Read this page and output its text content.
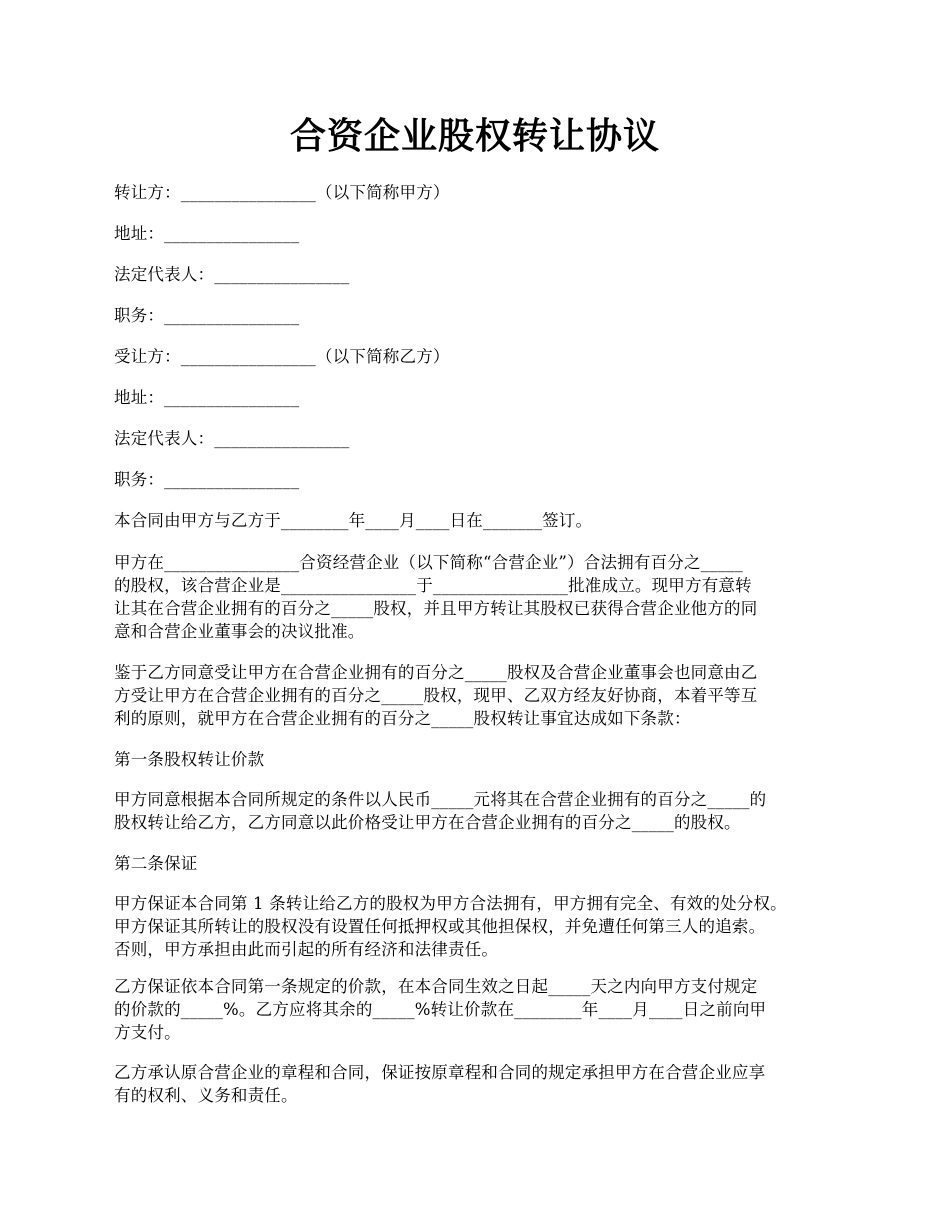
合资企业股权转让协议
转让方：________________（以下简称甲方）
地址：________________
法定代表人：________________
职务：________________
受让方：________________（以下简称乙方）
地址：________________
法定代表人：________________
职务：________________
本合同由甲方与乙方于________年____月____日在_______签订。
甲方在________________合资经营企业（以下简称“合营企业”）合法拥有百分之_____
的股权，该合营企业是________________于________________批准成立。现甲方有意转
让其在合营企业拥有的百分之_____股权，并且甲方转让其股权已获得合营企业他方的同
意和合营企业董事会的决议批准。
鉴于乙方同意受让甲方在合营企业拥有的百分之_____股权及合营企业董事会也同意由乙
方受让甲方在合营企业拥有的百分之_____股权，现甲、乙双方经友好协商，本着平等互
利的原则，就甲方在合营企业拥有的百分之_____股权转让事宜达成如下条款：
第一条股权转让价款
甲方同意根据本合同所规定的条件以人民币_____元将其在合营企业拥有的百分之_____的
股权转让给乙方，乙方同意以此价格受让甲方在合营企业拥有的百分之_____的股权。
第二条保证
甲方保证本合同第 1 条转让给乙方的股权为甲方合法拥有，甲方拥有完全、有效的处分权。
甲方保证其所转让的股权没有设置任何抵押权或其他担保权，并免遭任何第三人的追索。
否则，甲方承担由此而引起的所有经济和法律责任。
乙方保证依本合同第一条规定的价款，在本合同生效之日起_____天之内向甲方支付规定
的价款的_____%。乙方应将其余的_____%转让价款在________年____月____日之前向甲
方支付。
乙方承认原合营企业的章程和合同，保证按原章程和合同的规定承担甲方在合营企业应享
有的权利、义务和责任。
